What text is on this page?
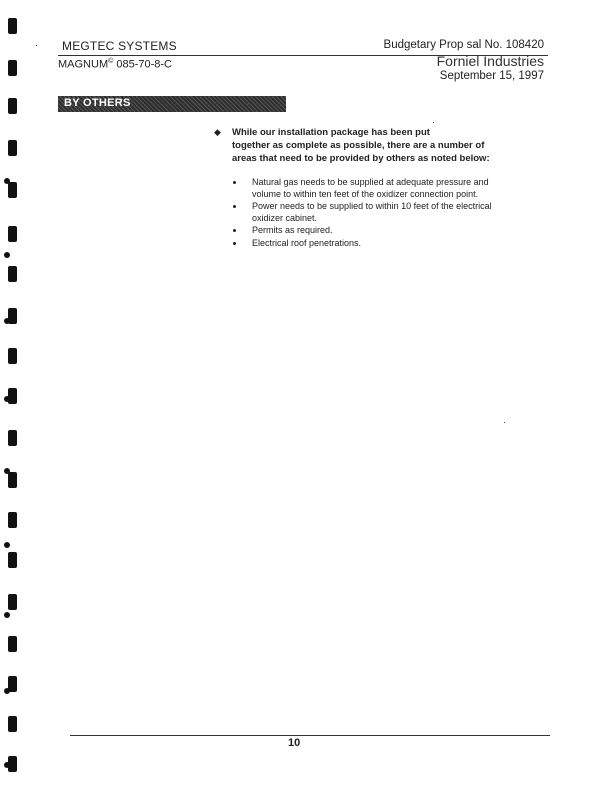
MEGTEC SYSTEMS
MAGNUM© 085-70-8-C
Budgetary Prop sal No. 108420
Forniel Industries
September 15, 1997
BY OTHERS
◆ While our installation package has been put
together as complete as possible, there are a number of
areas that need to be provided by others as noted below:
Natural gas needs to be supplied at adequate pressure and
volume to within ten feet of the oxidizer connection point.
Power needs to be supplied to within 10 feet of the electrical
oxidizer cabinet.
Permits as required.
Electrical roof penetrations.
10
